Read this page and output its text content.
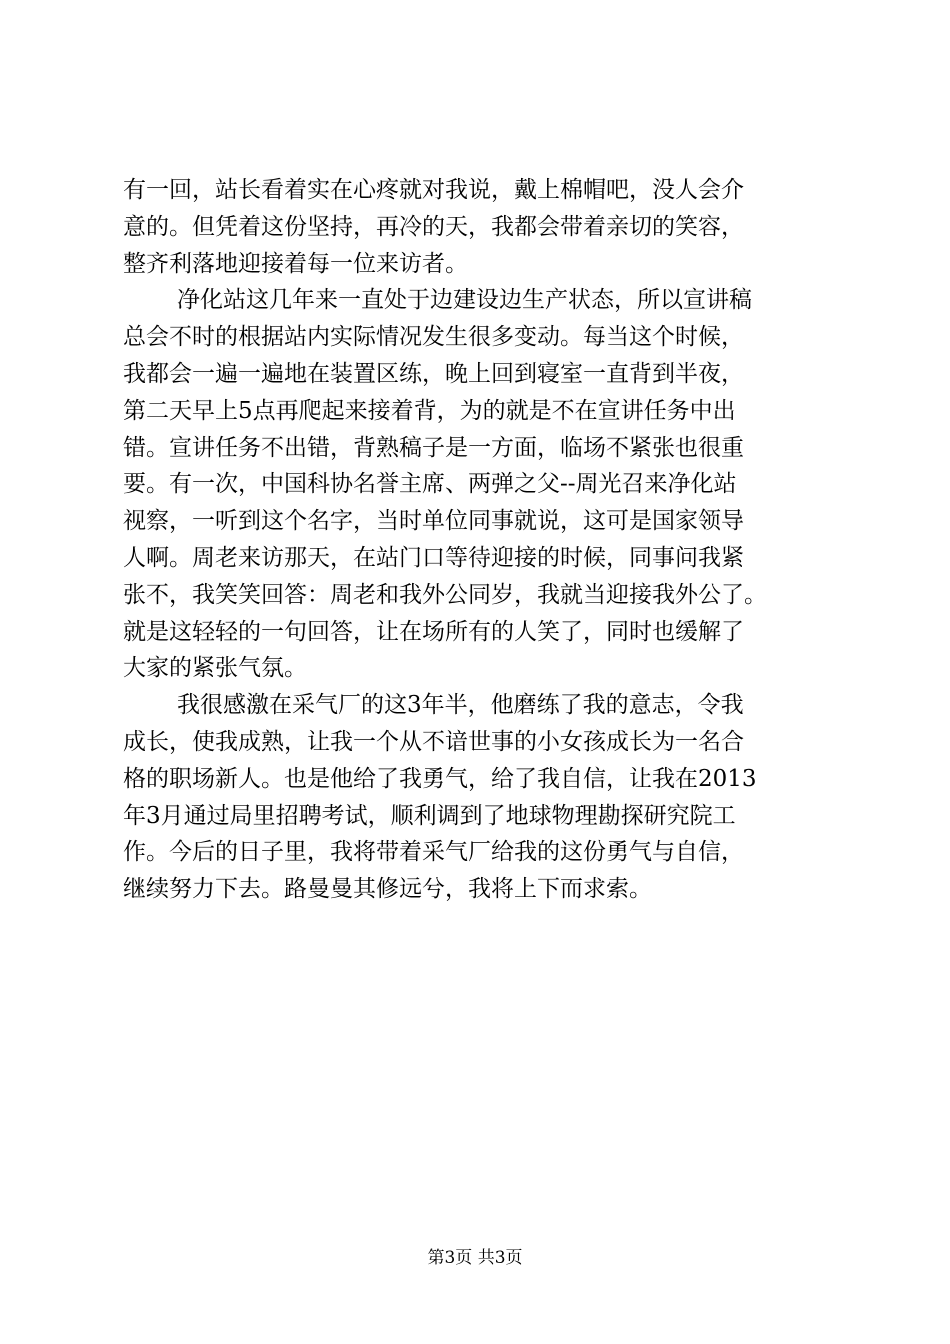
有一回，站长看着实在心疼就对我说，戴上棉帽吧，没人会介
意的。但凭着这份坚持，再冷的天，我都会带着亲切的笑容，
整齐利落地迎接着每一位来访者。
净化站这几年来一直处于边建设边生产状态，所以宣讲稿
总会不时的根据站内实际情况发生很多变动。每当这个时候，
我都会一遍一遍地在装置区练，晚上回到寝室一直背到半夜，
第二天早上5点再爬起来接着背，为的就是不在宣讲任务中出
错。宣讲任务不出错，背熟稿子是一方面，临场不紧张也很重
要。有一次，中国科协名誉主席、两弹之父--周光召来净化站
视察，一听到这个名字，当时单位同事就说，这可是国家领导
人啊。周老来访那天，在站门口等待迎接的时候，同事问我紧
张不，我笑笑回答：周老和我外公同岁，我就当迎接我外公了。
就是这轻轻的一句回答，让在场所有的人笑了，同时也缓解了
大家的紧张气氛。
我很感激在采气厂的这3年半，他磨练了我的意志，令我
成长，使我成熟，让我一个从不谙世事的小女孩成长为一名合
格的职场新人。也是他给了我勇气，给了我自信，让我在2013
年3月通过局里招聘考试，顺利调到了地球物理勘探研究院工
作。今后的日子里，我将带着采气厂给我的这份勇气与自信，
继续努力下去。路曼曼其修远兮，我将上下而求索。
第3页 共3页
